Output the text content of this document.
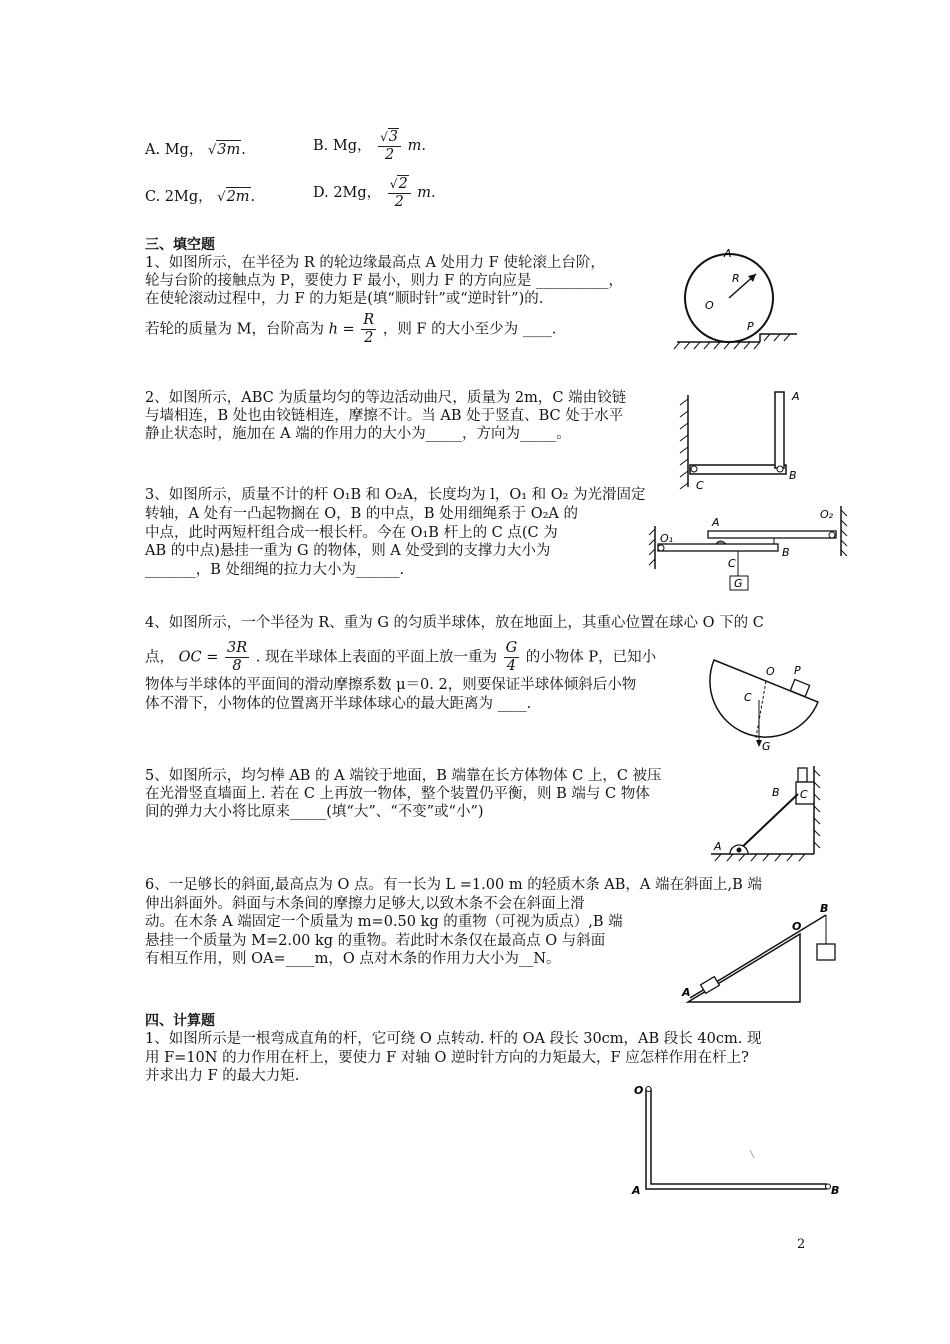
A. Mg， √3m.	B. Mg， $\frac{√3}{2} m$.
C. 2Mg， √2m.	D. 2Mg， $\frac{√2}{2} m$.
三、填空题
1、如图所示，在半径为 R 的轮边缘最高点 A 处用力 F 使轮滚上台阶，
轮与台阶的接触点为 P，要使力 F 最小，则力 F 的方向应是 __________，
在使轮滚动过程中，力 F 的力矩是(填“顺时针”或“逆时针”)的.
若轮的质量为 M，台阶高为 $h = \frac{R}{2}$ ，则 F 的大小至少为 ____.
A
R
O
P
2、如图所示，ABC 为质量均匀的等边活动曲尺，质量为 2m，C 端由铰链
与墙相连，B 处也由铰链相连，摩擦不计。当 AB 处于竖直、BC 处于水平
静止状态时，施加在 A 端的作用力的大小为_____，方向为_____。
A
B
C
3、如图所示，质量不计的杆 O₁B 和 O₂A，长度均为 l，O₁ 和 O₂ 为光滑固定
转轴，A 处有一凸起物搁在 O，B 的中点，B 处用细绳系于 O₂A 的
中点，此时两短杆组合成一根长杆。今在 O₁B 杆上的 C 点(C 为
AB 的中点)悬挂一重为 G 的物体，则 A 处受到的支撑力大小为
_______，B 处细绳的拉力大小为______.
A
B
C
O₁
O₂
G
4、如图所示，一个半径为 R、重为 G 的匀质半球体，放在地面上，其重心位置在球心 O 下的 C
点， OC = $\frac{3R}{8}$ . 现在半球体上表面的平面上放一重为 $\frac{G}{4}$ 的小物体 P，已知小
物体与半球体的平面间的滑动摩擦系数 μ＝0. 2，则要保证半球体倾斜后小物
体不滑下，小物体的位置离开半球体球心的最大距离为 ____.
O P
C
G
5、如图所示，均匀棒 AB 的 A 端铰于地面，B 端靠在长方体物体 C 上，C 被压
在光滑竖直墙面上. 若在 C 上再放一物体，整个装置仍平衡，则 B 端与 C 物体
间的弹力大小将比原来_____(填“大”、“不变”或“小”)
A
B C
6、一足够长的斜面,最高点为 O 点。有一长为 L =1.00 m 的轻质木条 AB，A 端在斜面上,B 端
伸出斜面外。斜面与木条间的摩擦力足够大,以致木条不会在斜面上滑
动。在木条 A 端固定一个质量为 m=0.50 kg 的重物（可视为质点）,B 端
悬挂一个质量为 M=2.00 kg 的重物。若此时木条仅在最高点 O 与斜面
有相互作用，则 OA=____m，O 点对木条的作用力大小为__N。
A
B
O
四、计算题
1、如图所示是一根弯成直角的杆，它可绕 O 点转动. 杆的 OA 段长 30cm，AB 段长 40cm. 现
用 F=10N 的力作用在杆上，要使力 F 对轴 O 逆时针方向的力矩最大，F 应怎样作用在杆上?
并求出力 F 的最大力矩.
O
A	B
2
